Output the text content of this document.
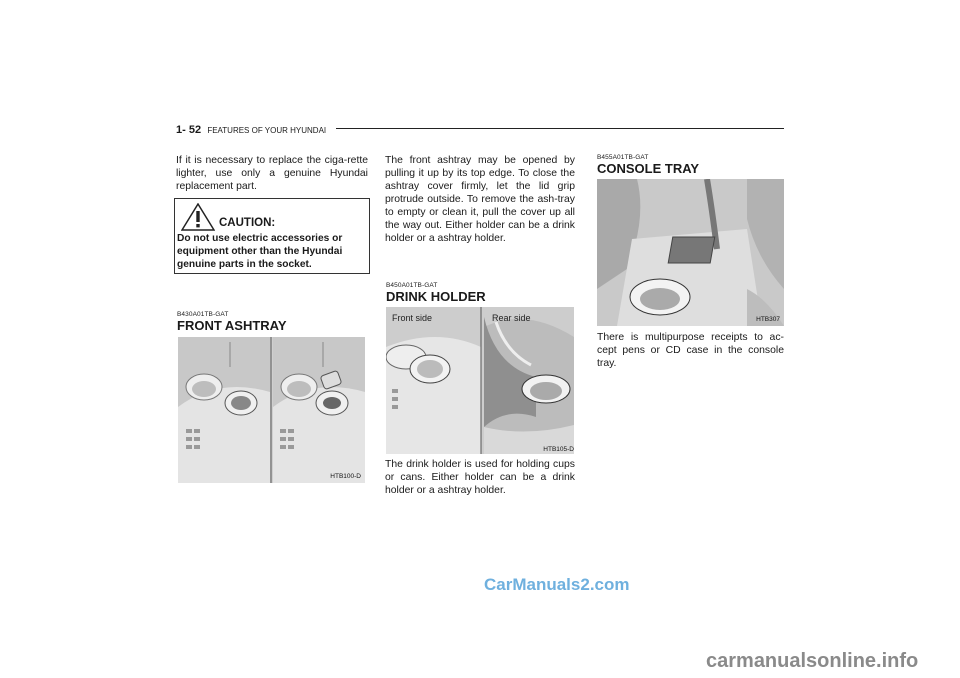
1- 52 FEATURES OF YOUR HYUNDAI
If it is necessary to replace the ciga-rette lighter, use only a genuine Hyundai replacement part.
CAUTION:
Do not use electric accessories or equipment other than the Hyundai genuine parts in the socket.
B430A01TB-GAT
FRONT ASHTRAY
HTB100-D
The front ashtray may be opened by pulling it up by its top edge. To close the ashtray cover firmly, let the lid grip protrude outside. To remove the ash-tray to empty or clean it, pull the cover up all the way out. Either holder can be a drink holder or a ashtray holder.
B450A01TB-GAT
DRINK HOLDER
Front side	Rear side
HTB105-D
The drink holder is used for holding cups or cans. Either holder can be a drink holder or a ashtray holder.
B455A01TB-GAT
CONSOLE TRAY
HTB307
There is multipurpose receipts to ac-cept pens or CD case in the console tray.
CarManuals2.com
carmanualsonline.info
